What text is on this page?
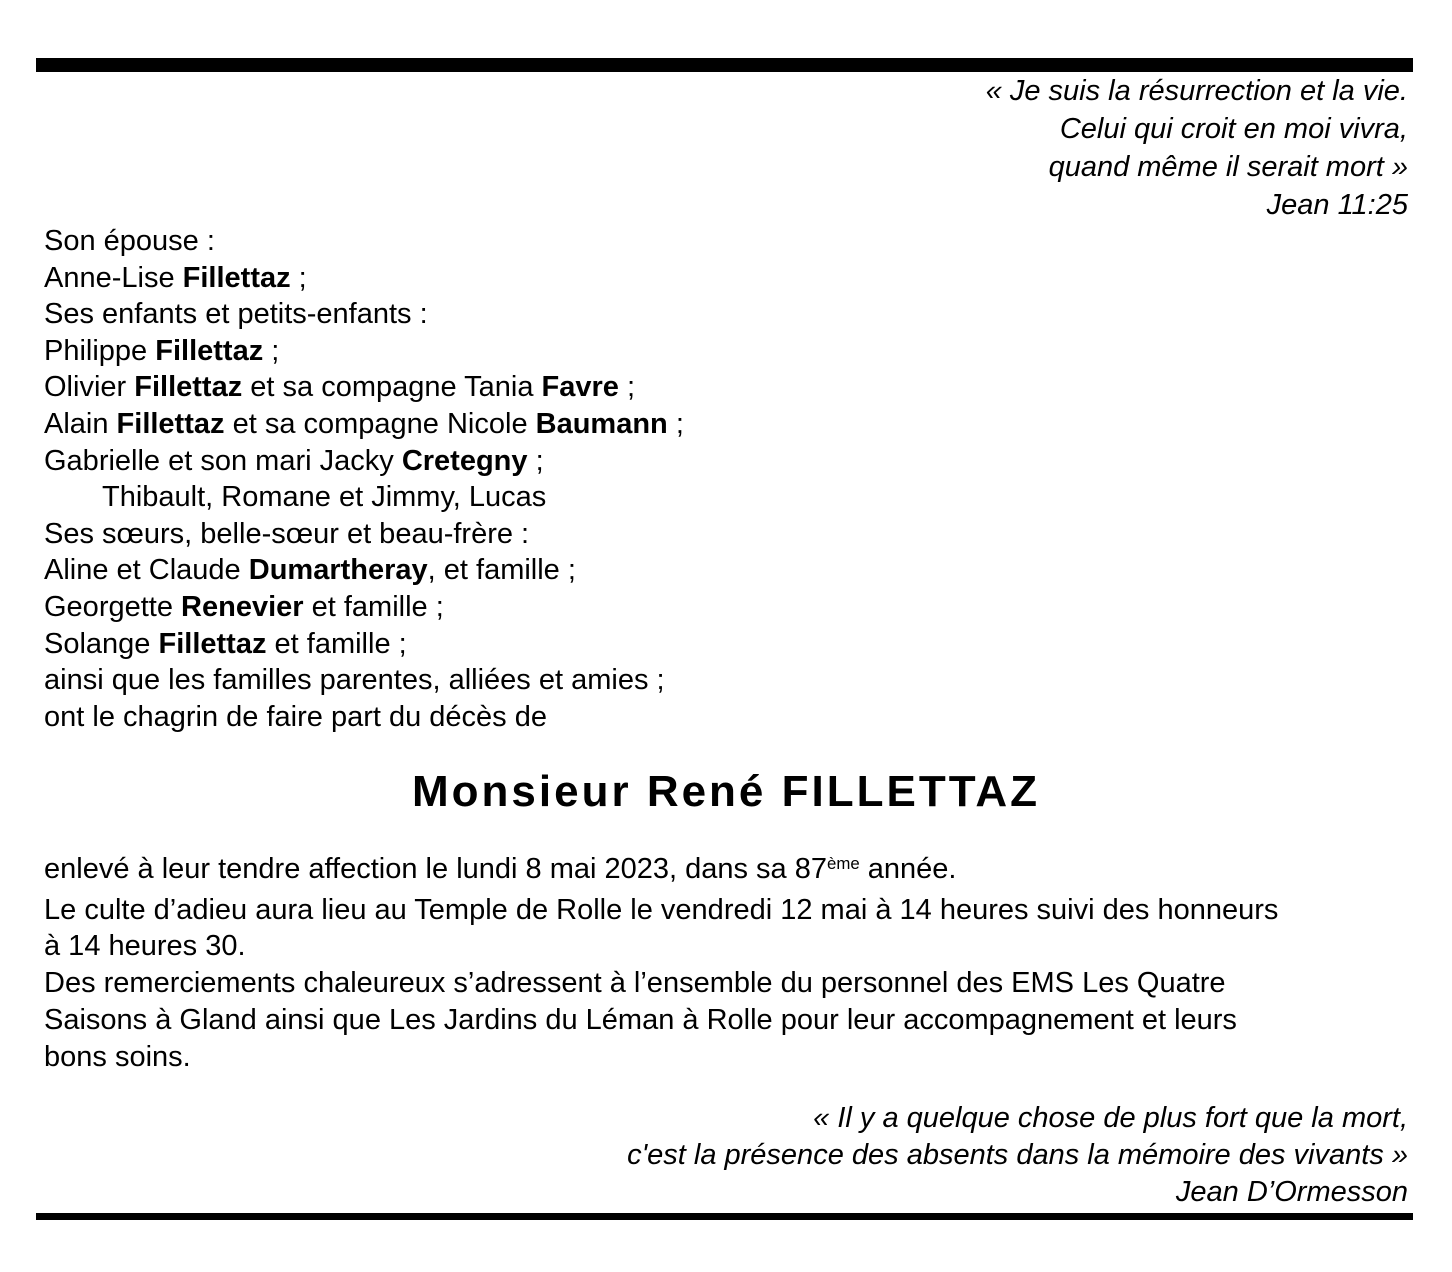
« Je suis la résurrection et la vie.
Celui qui croit en moi vivra,
quand même il serait mort »
Jean 11:25
Son épouse :
Anne-Lise Fillettaz ;
Ses enfants et petits-enfants :
Philippe Fillettaz ;
Olivier Fillettaz et sa compagne Tania Favre ;
Alain Fillettaz et sa compagne Nicole Baumann ;
Gabrielle et son mari Jacky Cretegny ;
Thibault, Romane et Jimmy, Lucas
Ses sœurs, belle-sœur et beau-frère :
Aline et Claude Dumartheray, et famille ;
Georgette Renevier et famille ;
Solange Fillettaz et famille ;
ainsi que les familles parentes, alliées et amies ;
ont le chagrin de faire part du décès de
Monsieur René FILLETTAZ
enlevé à leur tendre affection le lundi 8 mai 2023, dans sa 87ème année.
Le culte d’adieu aura lieu au Temple de Rolle le vendredi 12 mai à 14 heures suivi des honneurs
à 14 heures 30.
Des remerciements chaleureux s’adressent à l’ensemble du personnel des EMS Les Quatre
Saisons à Gland ainsi que Les Jardins du Léman à Rolle pour leur accompagnement et leurs
bons soins.
« Il y a quelque chose de plus fort que la mort,
c'est la présence des absents dans la mémoire des vivants »
Jean D’Ormesson
